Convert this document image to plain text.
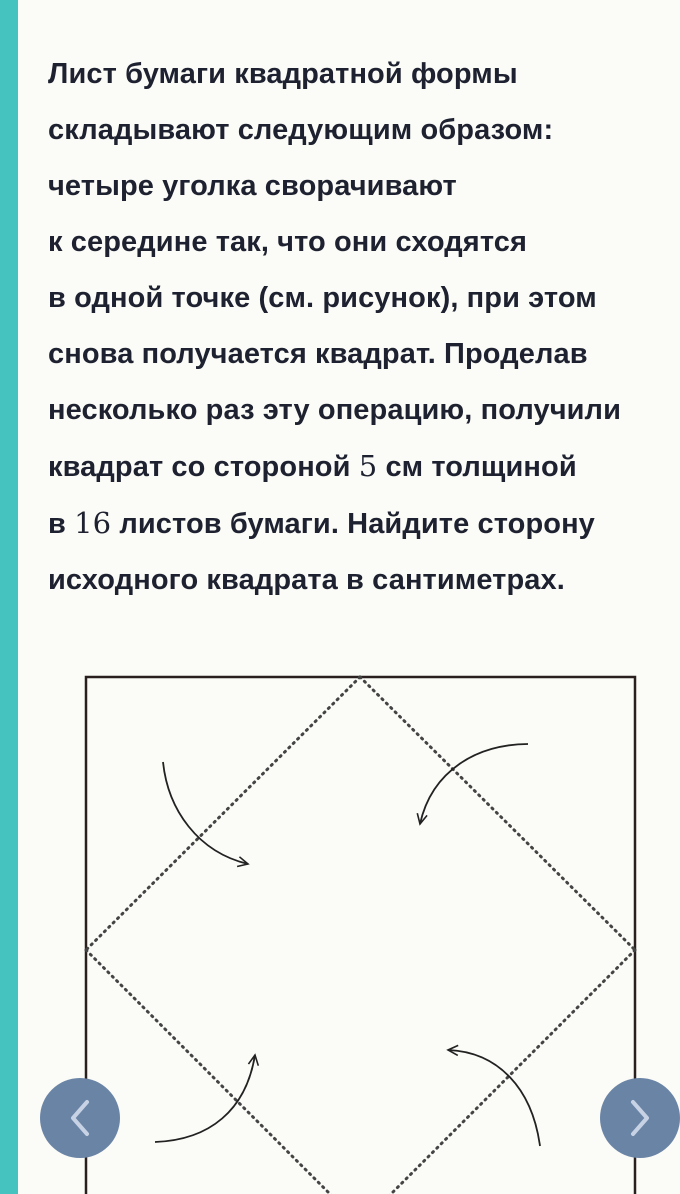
Лист бумаги квадратной формы
складывают следующим образом:
четыре уголка сворачивают
к середине так, что они сходятся
в одной точке (см. рисунок), при этом
снова получается квадрат. Проделав
несколько раз эту операцию, получили
квадрат со стороной 5 см толщиной
в 16 листов бумаги. Найдите сторону
исходного квадрата в сантиметрах.
